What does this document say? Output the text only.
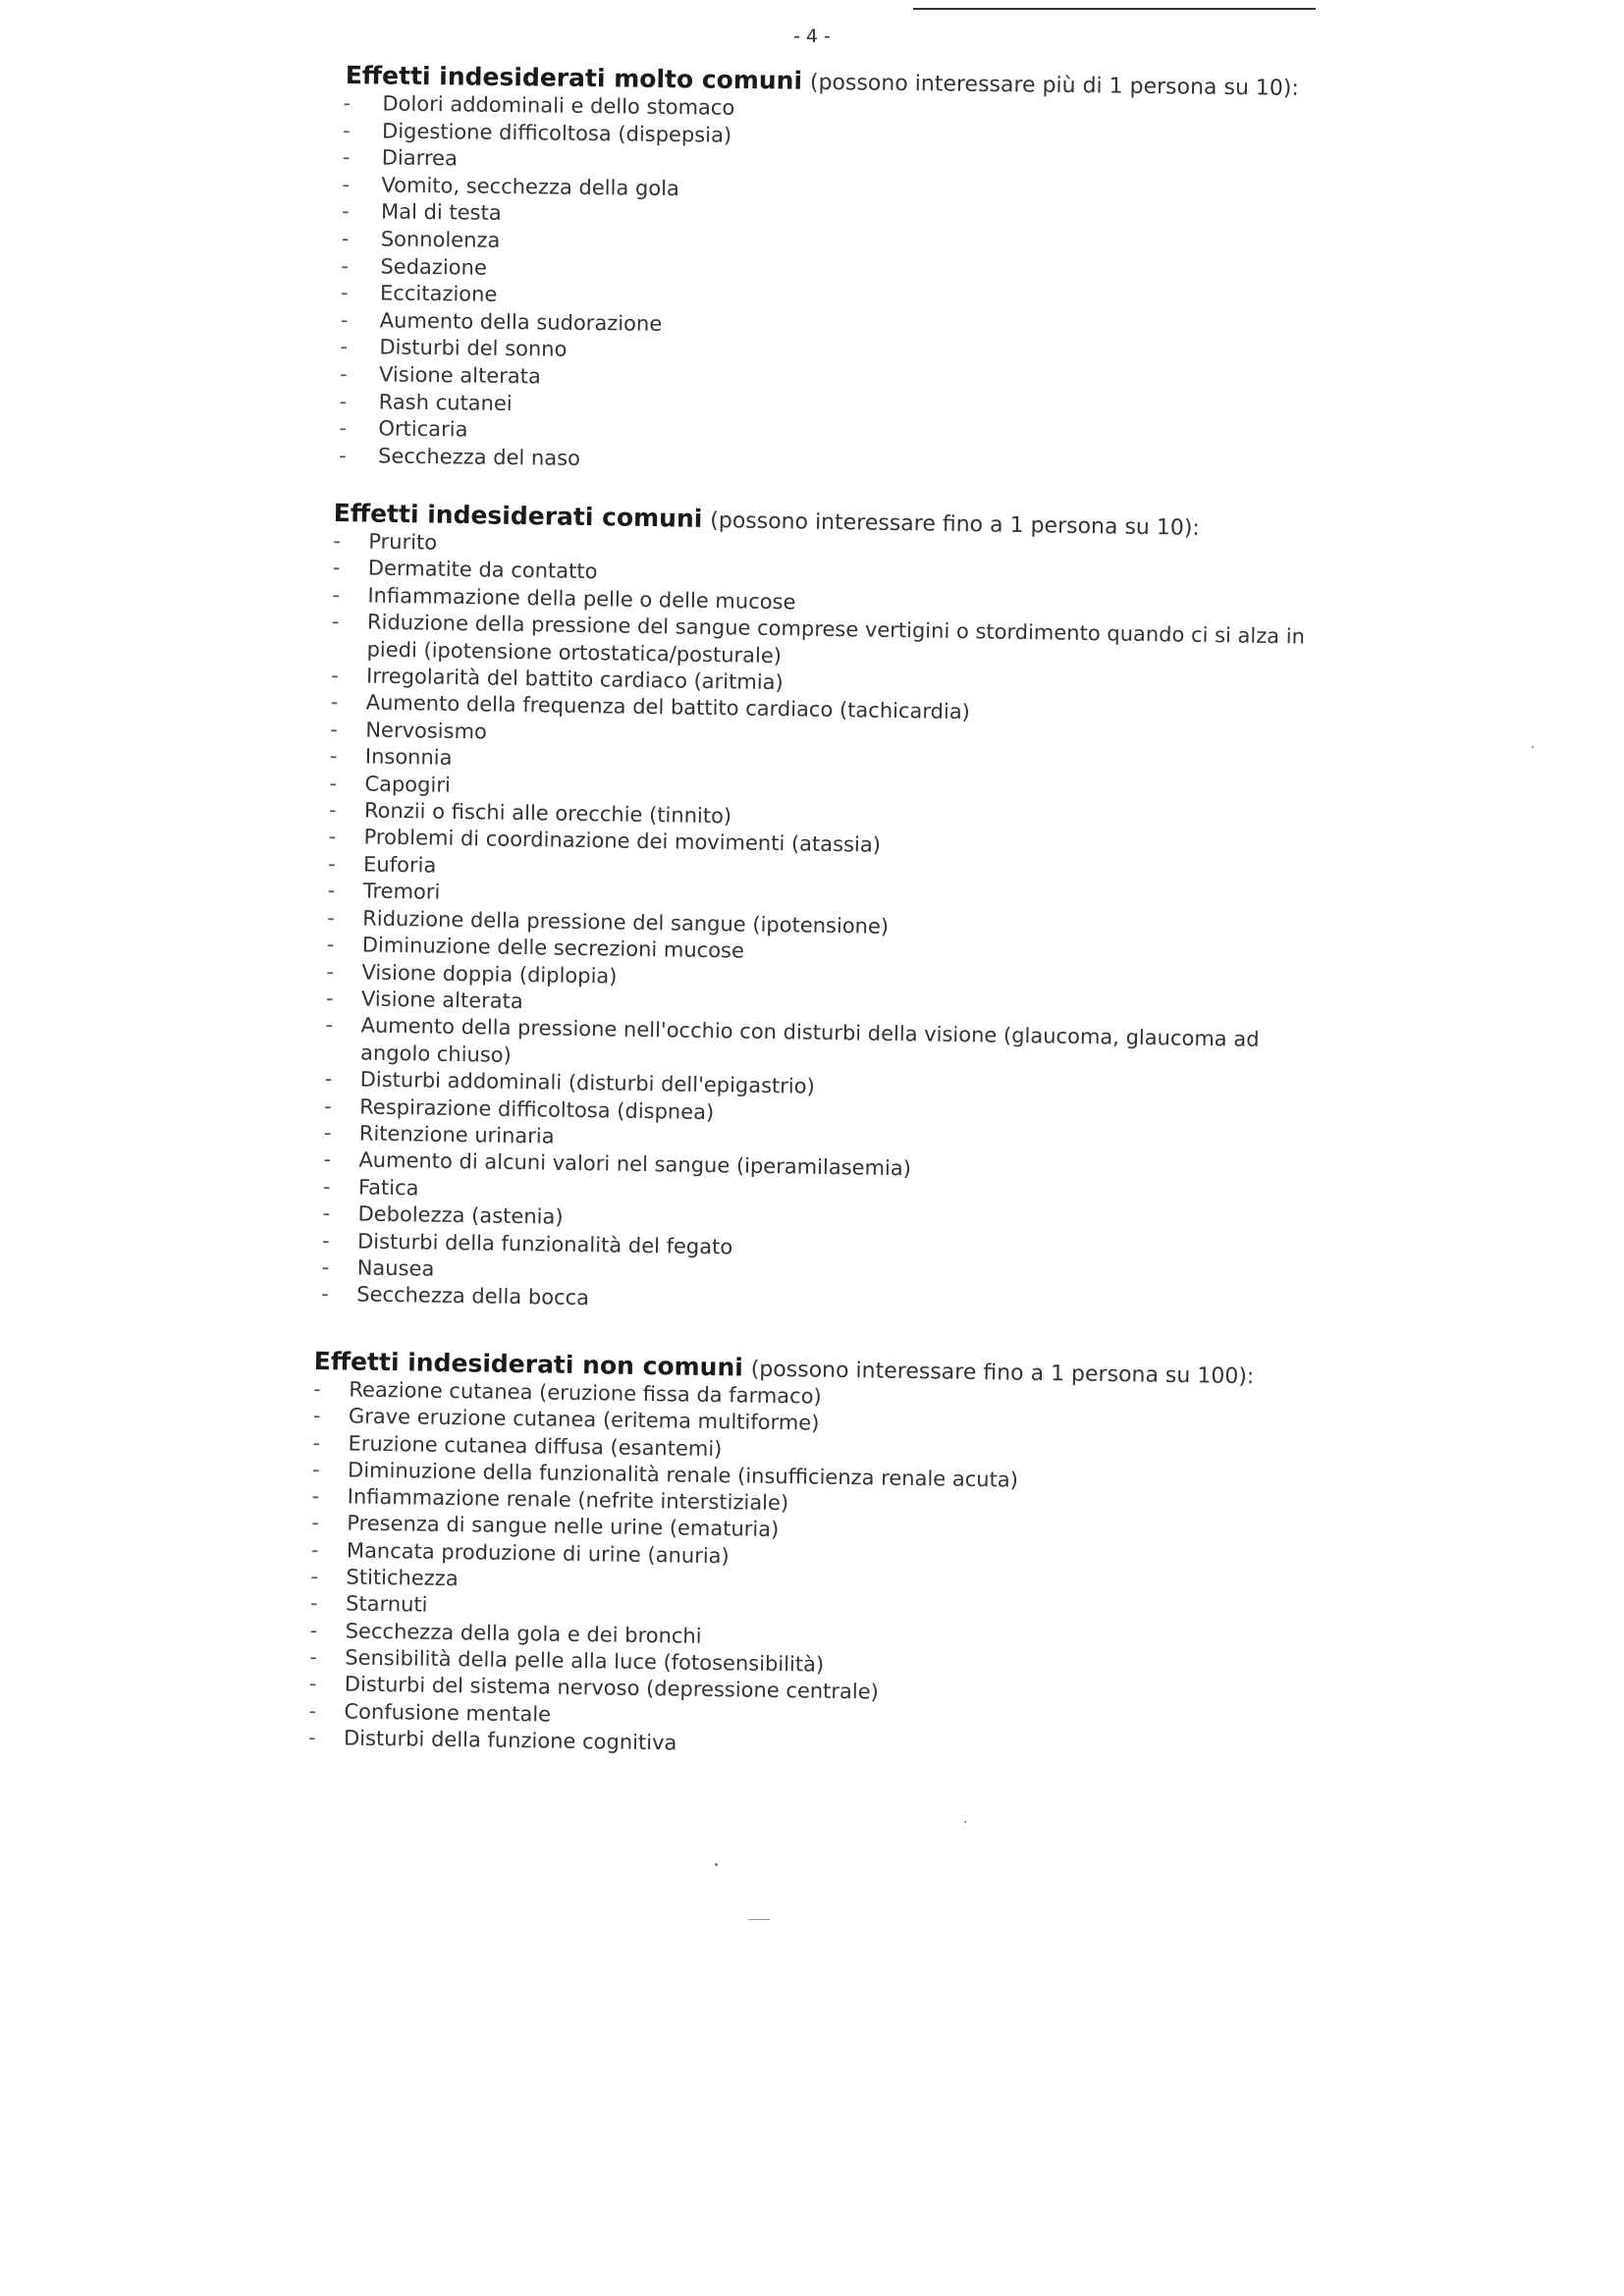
- 4 -
Effetti indesiderati molto comuni (possono interessare più di 1 persona su 10):
- Dolori addominali e dello stomaco
- Digestione difficoltosa (dispepsia)
- Diarrea
- Vomito, secchezza della gola
- Mal di testa
- Sonnolenza
- Sedazione
- Eccitazione
- Aumento della sudorazione
- Disturbi del sonno
- Visione alterata
- Rash cutanei
- Orticaria
- Secchezza del naso
Effetti indesiderati comuni (possono interessare fino a 1 persona su 10):
- Prurito
- Dermatite da contatto
- Infiammazione della pelle o delle mucose
- Riduzione della pressione del sangue comprese vertigini o stordimento quando ci si alza in piedi (ipotensione ortostatica/posturale)
- Irregolarità del battito cardiaco (aritmia)
- Aumento della frequenza del battito cardiaco (tachicardia)
- Nervosismo
- Insonnia
- Capogiri
- Ronzii o fischi alle orecchie (tinnito)
- Problemi di coordinazione dei movimenti (atassia)
- Euforia
- Tremori
- Riduzione della pressione del sangue (ipotensione)
- Diminuzione delle secrezioni mucose
- Visione doppia (diplopia)
- Visione alterata
- Aumento della pressione nell'occhio con disturbi della visione (glaucoma, glaucoma ad angolo chiuso)
- Disturbi addominali (disturbi dell'epigastrio)
- Respirazione difficoltosa (dispnea)
- Ritenzione urinaria
- Aumento di alcuni valori nel sangue (iperamilasemia)
- Fatica
- Debolezza (astenia)
- Disturbi della funzionalità del fegato
- Nausea
- Secchezza della bocca
Effetti indesiderati non comuni (possono interessare fino a 1 persona su 100):
- Reazione cutanea (eruzione fissa da farmaco)
- Grave eruzione cutanea (eritema multiforme)
- Eruzione cutanea diffusa (esantemi)
- Diminuzione della funzionalità renale (insufficienza renale acuta)
- Infiammazione renale (nefrite interstiziale)
- Presenza di sangue nelle urine (ematuria)
- Mancata produzione di urine (anuria)
- Stitichezza
- Starnuti
- Secchezza della gola e dei bronchi
- Sensibilità della pelle alla luce (fotosensibilità)
- Disturbi del sistema nervoso (depressione centrale)
- Confusione mentale
- Disturbi della funzione cognitiva
